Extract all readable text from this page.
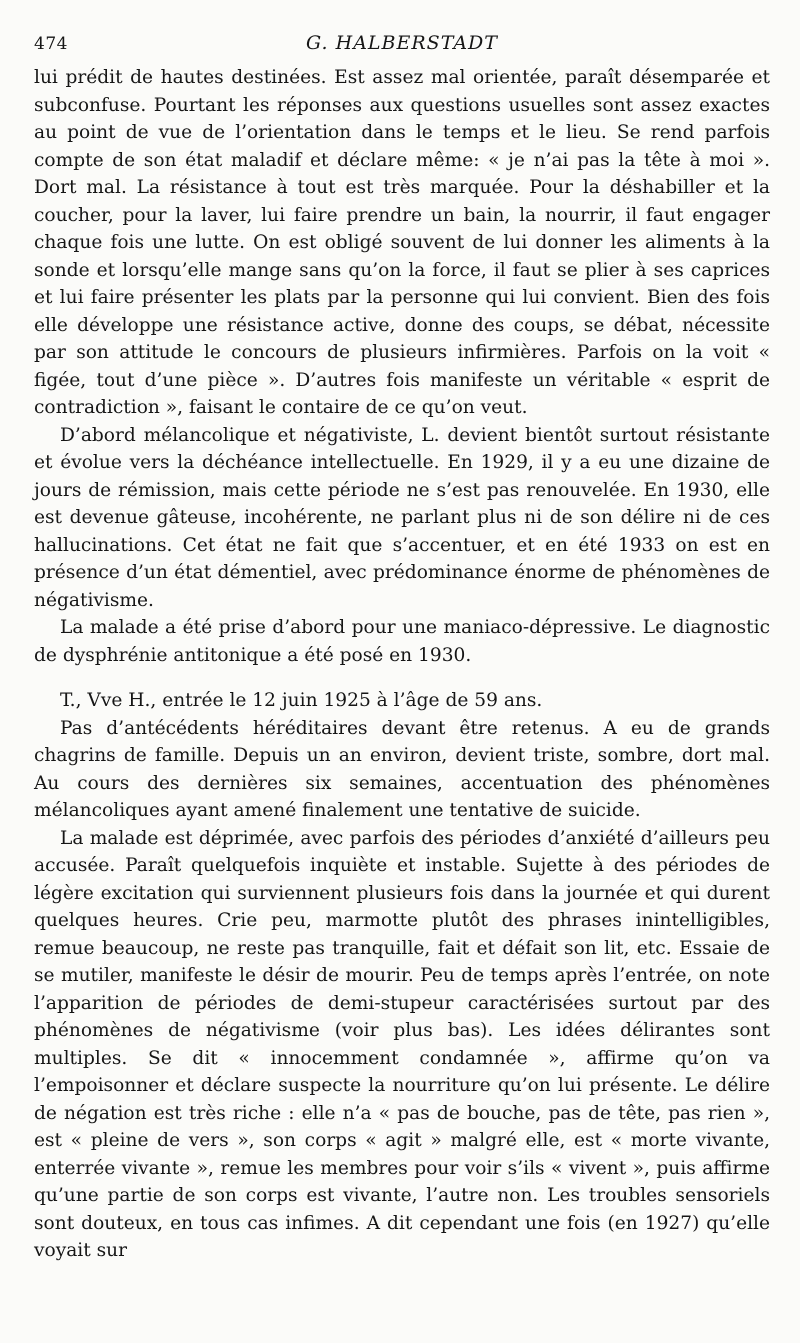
474	G. HALBERSTADT

lui prédit de hautes destinées. Est assez mal orientée, paraît désemparée et subconfuse. Pourtant les réponses aux questions usuelles sont assez exactes au point de vue de l’orientation dans le temps et le lieu. Se rend parfois compte de son état maladif et déclare même: « je n’ai pas la tête à moi ». Dort mal. La résistance à tout est très marquée. Pour la déshabiller et la coucher, pour la laver, lui faire prendre un bain, la nourrir, il faut engager chaque fois une lutte. On est obligé souvent de lui donner les aliments à la sonde et lorsqu’elle mange sans qu’on la force, il faut se plier à ses caprices et lui faire présenter les plats par la personne qui lui convient. Bien des fois elle développe une résistance active, donne des coups, se débat, nécessite par son attitude le concours de plusieurs infirmières. Parfois on la voit « figée, tout d’une pièce ». D’autres fois manifeste un véritable « esprit de contradiction », faisant le contaire de ce qu’on veut.

D’abord mélancolique et négativiste, L. devient bientôt surtout résistante et évolue vers la déchéance intellectuelle. En 1929, il y a eu une dizaine de jours de rémission, mais cette période ne s’est pas renouvelée. En 1930, elle est devenue gâteuse, incohérente, ne parlant plus ni de son délire ni de ces hallucinations. Cet état ne fait que s’accentuer, et en été 1933 on est en présence d’un état démentiel, avec prédominance énorme de phénomènes de négativisme.

La malade a été prise d’abord pour une maniaco-dépressive. Le diagnostic de dysphrénie antitonique a été posé en 1930.

T., Vve H., entrée le 12 juin 1925 à l’âge de 59 ans.

Pas d’antécédents héréditaires devant être retenus. A eu de grands chagrins de famille. Depuis un an environ, devient triste, sombre, dort mal. Au cours des dernières six semaines, accentuation des phénomènes mélancoliques ayant amené finalement une tentative de suicide.

La malade est déprimée, avec parfois des périodes d’anxiété d’ailleurs peu accusée. Paraît quelquefois inquiète et instable. Sujette à des périodes de légère excitation qui surviennent plusieurs fois dans la journée et qui durent quelques heures. Crie peu, marmotte plutôt des phrases inintelligibles, remue beaucoup, ne reste pas tranquille, fait et défait son lit, etc. Essaie de se mutiler, manifeste le désir de mourir. Peu de temps après l’entrée, on note l’apparition de périodes de demi-stupeur caractérisées surtout par des phénomènes de négativisme (voir plus bas). Les idées délirantes sont multiples. Se dit « innocemment condamnée », affirme qu’on va l’empoisonner et déclare suspecte la nourriture qu’on lui présente. Le délire de négation est très riche : elle n’a « pas de bouche, pas de tête, pas rien », est « pleine de vers », son corps « agit » malgré elle, est « morte vivante, enterrée vivante », remue les membres pour voir s’ils « vivent », puis affirme qu’une partie de son corps est vivante, l’autre non. Les troubles sensoriels sont douteux, en tous cas infimes. A dit cependant une fois (en 1927) qu’elle voyait sur
